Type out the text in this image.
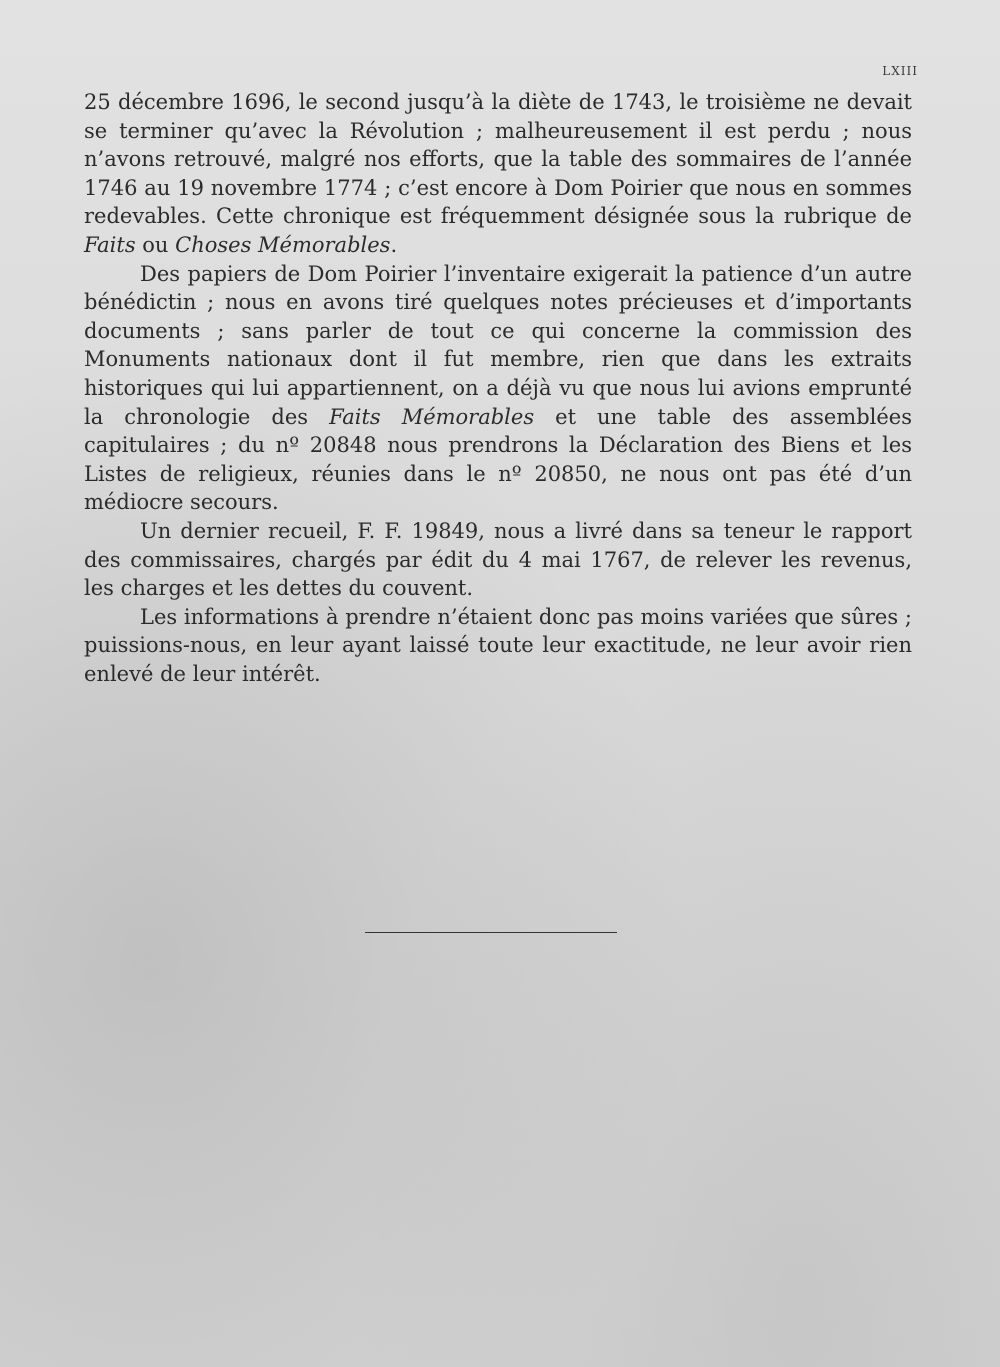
LXIII

25 décembre 1696, le second jusqu’à la diète de 1743, le troisième ne devait se terminer qu’avec la Révolution ; malheureusement il est perdu ; nous n’avons retrouvé, malgré nos efforts, que la table des sommaires de l’année 1746 au 19 novembre 1774 ; c’est encore à Dom Poirier que nous en sommes redevables. Cette chronique est fréquemment désignée sous la rubrique de Faits ou Choses Mémorables.

Des papiers de Dom Poirier l’inventaire exigerait la patience d’un autre bénédictin ; nous en avons tiré quelques notes précieuses et d’importants documents ; sans parler de tout ce qui concerne la commission des Monuments nationaux dont il fut membre, rien que dans les extraits historiques qui lui appartiennent, on a déjà vu que nous lui avions emprunté la chronologie des Faits Mémorables et une table des assemblées capitulaires ; du nº 20848 nous prendrons la Déclaration des Biens et les Listes de religieux, réunies dans le nº 20850, ne nous ont pas été d’un médiocre secours.

Un dernier recueil, F. F. 19849, nous a livré dans sa teneur le rapport des commissaires, chargés par édit du 4 mai 1767, de relever les revenus, les charges et les dettes du couvent.

Les informations à prendre n’étaient donc pas moins variées que sûres ; puissions-nous, en leur ayant laissé toute leur exactitude, ne leur avoir rien enlevé de leur intérêt.
